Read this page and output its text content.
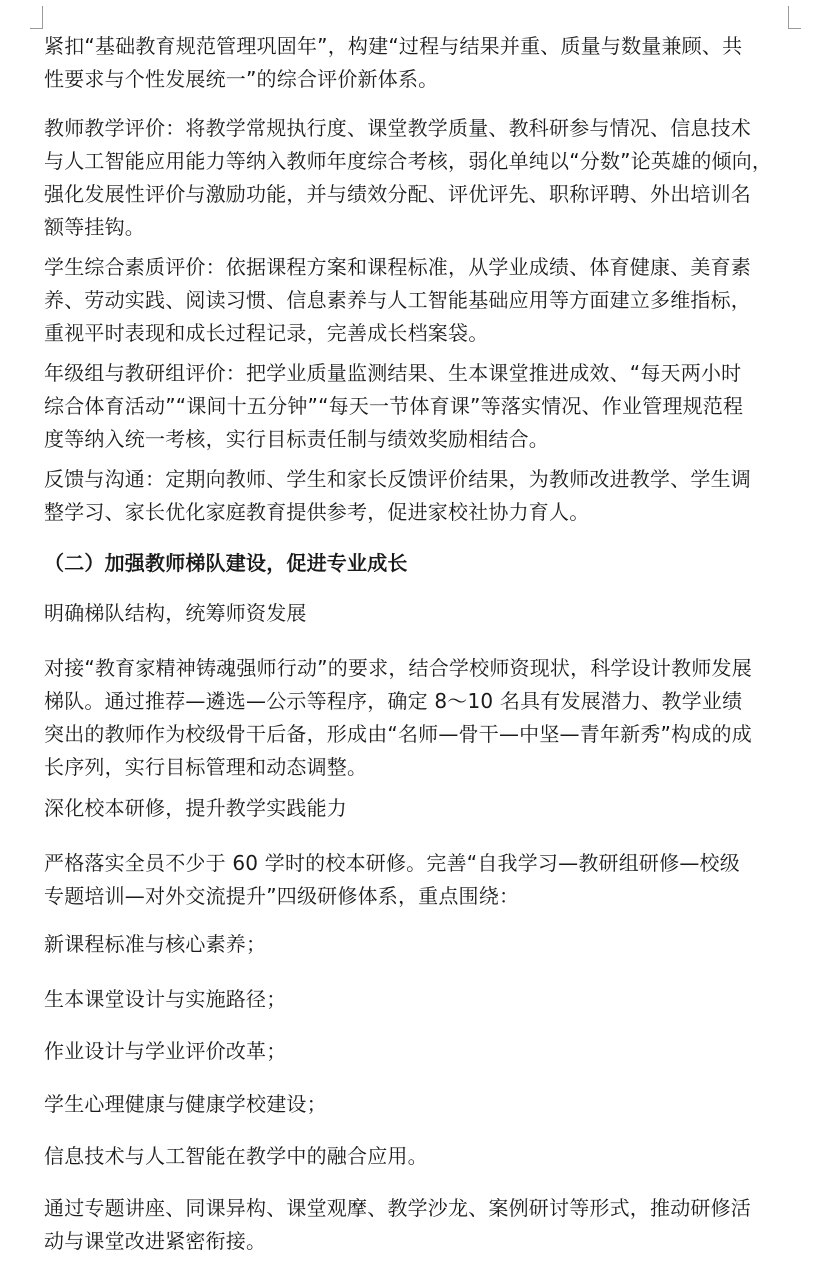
紧扣“基础教育规范管理巩固年”，构建“过程与结果并重、质量与数量兼顾、共
性要求与个性发展统一”的综合评价新体系。
教师教学评价：将教学常规执行度、课堂教学质量、教科研参与情况、信息技术
与人工智能应用能力等纳入教师年度综合考核，弱化单纯以“分数”论英雄的倾向，
强化发展性评价与激励功能，并与绩效分配、评优评先、职称评聘、外出培训名
额等挂钩。
学生综合素质评价：依据课程方案和课程标准，从学业成绩、体育健康、美育素
养、劳动实践、阅读习惯、信息素养与人工智能基础应用等方面建立多维指标，
重视平时表现和成长过程记录，完善成长档案袋。
年级组与教研组评价：把学业质量监测结果、生本课堂推进成效、“每天两小时
综合体育活动”“课间十五分钟”“每天一节体育课”等落实情况、作业管理规范程
度等纳入统一考核，实行目标责任制与绩效奖励相结合。
反馈与沟通：定期向教师、学生和家长反馈评价结果，为教师改进教学、学生调
整学习、家长优化家庭教育提供参考，促进家校社协力育人。
（二）加强教师梯队建设，促进专业成长
明确梯队结构，统筹师资发展
对接“教育家精神铸魂强师行动”的要求，结合学校师资现状，科学设计教师发展
梯队。通过推荐—遴选—公示等程序，确定 8～10 名具有发展潜力、教学业绩
突出的教师作为校级骨干后备，形成由“名师—骨干—中坚—青年新秀”构成的成
长序列，实行目标管理和动态调整。
深化校本研修，提升教学实践能力
严格落实全员不少于 60 学时的校本研修。完善“自我学习—教研组研修—校级
专题培训—对外交流提升”四级研修体系，重点围绕：
新课程标准与核心素养；
生本课堂设计与实施路径；
作业设计与学业评价改革；
学生心理健康与健康学校建设；
信息技术与人工智能在教学中的融合应用。
通过专题讲座、同课异构、课堂观摩、教学沙龙、案例研讨等形式，推动研修活
动与课堂改进紧密衔接。
